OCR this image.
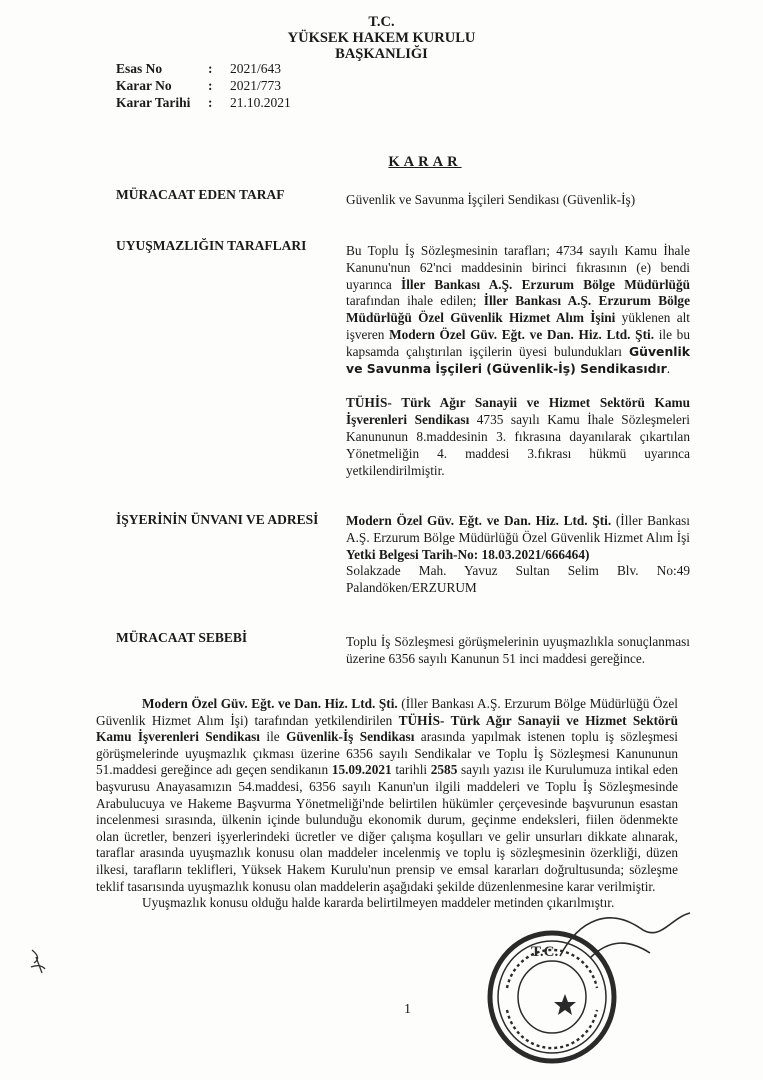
T.C.
YÜKSEK HAKEM KURULU
BAŞKANLIĞI
Esas No	: 2021/643
Karar No	: 2021/773
Karar Tarihi : 21.10.2021
KARAR
MÜRACAAT EDEN TARAF	Güvenlik ve Savunma İşçileri Sendikası (Güvenlik-İş)
UYUŞMAZLIĞIN TARAFLARI	Bu Toplu İş Sözleşmesinin tarafları; 4734 sayılı Kamu İhale Kanunu'nun 62'nci maddesinin birinci fıkrasının (e) bendi uyarınca İller Bankası A.Ş. Erzurum Bölge Müdürlüğü tarafından ihale edilen; İller Bankası A.Ş. Erzurum Bölge Müdürlüğü Özel Güvenlik Hizmet Alım İşini yüklenen alt işveren Modern Özel Güv. Eğt. ve Dan. Hiz. Ltd. Şti. ile bu kapsamda çalıştırılan işçilerin üyesi bulundukları Güvenlik ve Savunma İşçileri (Güvenlik-İş) Sendikasıdır.

TÜHİS- Türk Ağır Sanayii ve Hizmet Sektörü Kamu İşverenleri Sendikası 4735 sayılı Kamu İhale Sözleşmeleri Kanununun 8.maddesinin 3. fıkrasına dayanılarak çıkartılan Yönetmeliğin 4. maddesi 3.fıkrası hükmü uyarınca yetkilendirilmiştir.

İŞYERİNİN ÜNVANI VE ADRESİ Modern Özel Güv. Eğt. ve Dan. Hiz. Ltd. Şti. (İller Bankası A.Ş. Erzurum Bölge Müdürlüğü Özel Güvenlik Hizmet Alım İşi Yetki Belgesi Tarih-No: 18.03.2021/666464)

Solakzade Mah. Yavuz Sultan Selim Blv. No:49 Palandöken/ERZURUM

MÜRACAAT SEBEBİ	Toplu İş Sözleşmesi görüşmelerinin uyuşmazlıkla sonuçlanması üzerine 6356 sayılı Kanunun 51 inci maddesi gereğince.

Modern Özel Güv. Eğt. ve Dan. Hiz. Ltd. Şti. (İller Bankası A.Ş. Erzurum Bölge Müdürlüğü Özel Güvenlik Hizmet Alım İşi) tarafından yetkilendirilen TÜHİS- Türk Ağır Sanayii ve Hizmet Sektörü Kamu İşverenleri Sendikası ile Güvenlik-İş Sendikası arasında yapılmak istenen toplu iş sözleşmesi görüşmelerinde uyuşmazlık çıkması üzerine 6356 sayılı Sendikalar ve Toplu İş Sözleşmesi Kanununun 51.maddesi gereğince adı geçen sendikanın 15.09.2021 tarihli 2585 sayılı yazısı ile Kurulumuza intikal eden başvurusu Anayasamızın 54.maddesi, 6356 sayılı Kanun'un ilgili maddeleri ve Toplu İş Sözleşmesinde Arabulucuya ve Hakeme Başvurma Yönetmeliği'nde belirtilen hükümler çerçevesinde başvurunun esastan incelenmesi sırasında, ülkenin içinde bulunduğu ekonomik durum, geçinme endeksleri, fiilen ödenmekte olan ücretler, benzeri işyerlerindeki ücretler ve diğer çalışma koşulları ve gelir unsurları dikkate alınarak, taraflar arasında uyuşmazlık konusu olan maddeler incelenmiş ve toplu iş sözleşmesinin özerkliği, düzen ilkesi, tarafların teklifleri, Yüksek Hakem Kurulu'nun prensip ve emsal kararları doğrultusunda; sözleşme teklif tasarısında uyuşmazlık konusu olan maddelerin aşağıdaki şekilde düzenlenmesine karar verilmiştir.

Uyuşmazlık konusu olduğu halde kararda belirtilmeyen maddeler metinden çıkarılmıştır.

1
T.C.
